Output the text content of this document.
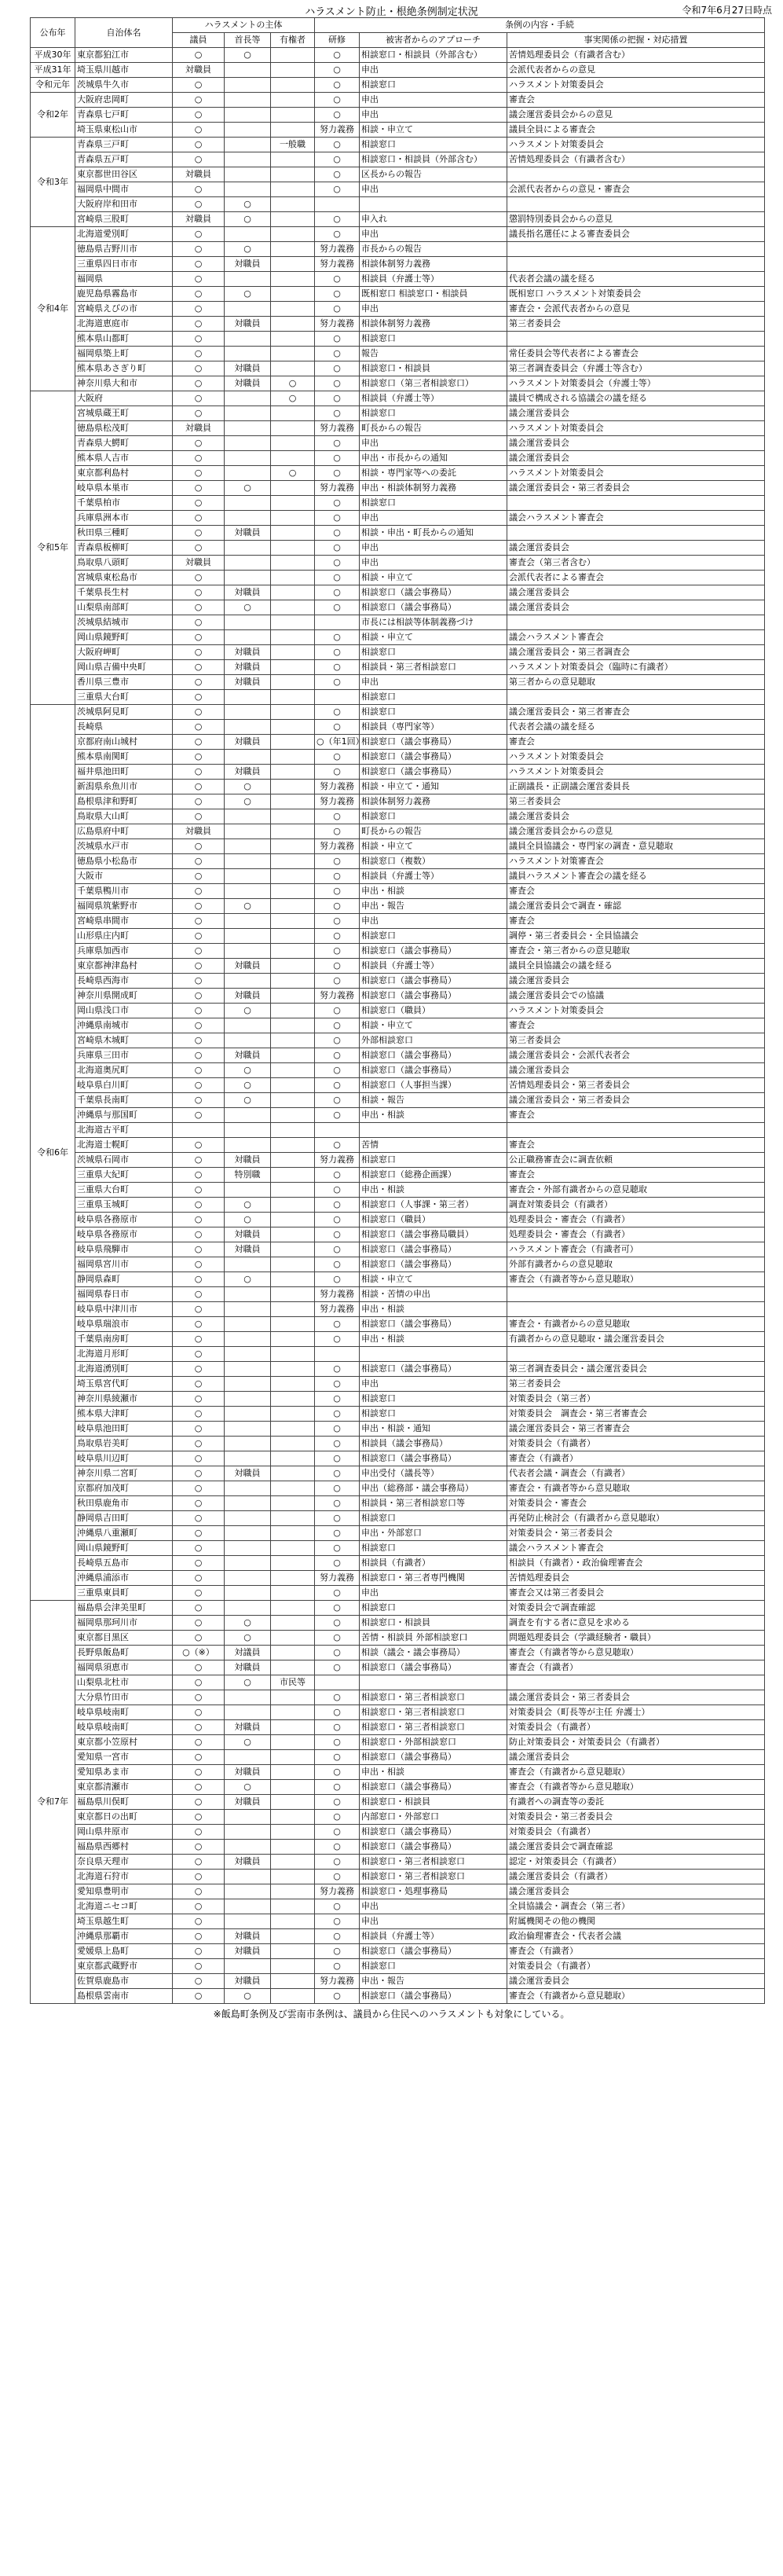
ハラスメント防止・根絶条例制定状況	令和7年6月27日時点
公布年	自治体名	ハラスメントの主体			条例の内容・手続		
		議員	首長等	有権者	研修	被害者からのアプローチ	事実関係の把握・対応措置
平成30年	東京都狛江市	○	○		○	相談窓口・相談員（外部含む）	苦情処理委員会（有識者含む）
平成31年	埼玉県川越市	対職員			○	申出	会派代表者からの意見
令和元年	茨城県牛久市	○			○	相談窓口	ハラスメント対策委員会
令和2年	大阪府忠岡町	○			○	申出	審査会
	青森県七戸町	○			○	申出	議会運営委員会からの意見
	埼玉県東松山市	○			努力義務	相談・申立て	議員全員による審査会
令和3年	青森県三戸町	○		一般職	○	相談窓口	ハラスメント対策委員会
	青森県五戸町	○			○	相談窓口・相談員（外部含む）	苦情処理委員会（有識者含む）
	東京都世田谷区	対職員			○	区長からの報告	
	福岡県中間市	○			○	申出	会派代表者からの意見・審査会
	大阪府岸和田市	○	○				
	宮崎県三股町	対職員	○		○	申入れ	懲罰特別委員会からの意見
令和4年	北海道愛別町	○			○	申出	議長指名選任による審査委員会
	徳島県吉野川市	○	○		努力義務	市長からの報告	
	三重県四日市市	○	対職員		努力義務	相談体制努力義務	
	福岡県	○			○	相談員（弁護士等）	代表者会議の議を経る
	鹿児島県霧島市	○	○		○	既相窓口 相談窓口・相談員	既相窓口 ハラスメント対策委員会
	宮崎県えびの市	○			○	申出	審査会・会派代表者からの意見
	北海道恵庭市	○	対職員		努力義務	相談体制努力義務	第三者委員会
	熊本県山都町	○			○	相談窓口	
	福岡県築上町	○			○	報告	常任委員会等代表者による審査会
	熊本県あさぎり町	○	対職員		○	相談窓口・相談員	第三者調査委員会（弁護士等含む）
	神奈川県大和市	○	対職員	○	○	相談窓口（第三者相談窓口）	ハラスメント対策委員会（弁護士等）
令和5年	大阪府	○		○	○	相談員（弁護士等）	議員で構成される協議会の議を経る
	宮城県蔵王町	○			○	相談窓口	議会運営委員会
	徳島県松茂町	対職員			努力義務	町長からの報告	ハラスメント対策委員会
	青森県大鰐町	○			○	申出	議会運営委員会
	熊本県人吉市	○			○	申出・市長からの通知	議会運営委員会
	東京都利島村	○		○	○	相談・専門家等への委託	ハラスメント対策委員会
	岐阜県本巣市	○	○		努力義務	申出・相談体制努力義務	議会運営委員会・第三者委員会
	千葉県柏市	○			○	相談窓口	
	兵庫県洲本市	○			○	申出	議会ハラスメント審査会
	秋田県三種町	○	対職員		○	相談・申出・町長からの通知	
	青森県板柳町	○			○	申出	議会運営委員会
	鳥取県八頭町	対職員			○	申出	審査会（第三者含む）
	宮城県東松島市	○			○	相談・申立て	会派代表者による審査会
	千葉県長生村	○	対職員		○	相談窓口（議会事務局）	議会運営委員会
	山梨県南部町	○	○		○	相談窓口（議会事務局）	議会運営委員会
	茨城県結城市	○				市長には相談等体制義務づけ	
	岡山県鏡野町	○			○	相談・申立て	議会ハラスメント審査会
	大阪府岬町	○	対職員		○	相談窓口	議会運営委員会・第三者調査会
	岡山県吉備中央町	○	対職員		○	相談員・第三者相談窓口	ハラスメント対策委員会（臨時に有識者）
	香川県三豊市	○	対職員		○	申出	第三者からの意見聴取
	三重県大台町	○				相談窓口	
令和6年	茨城県阿見町	○			○	相談窓口	議会運営委員会・第三者審査会
	長崎県	○			○	相談員（専門家等）	代表者会議の議を経る
	京都府南山城村	○	対職員		○（年1回）	相談窓口（議会事務局）	審査会
	熊本県南関町	○			○	相談窓口（議会事務局）	ハラスメント対策委員会
	福井県池田町	○	対職員		○	相談窓口（議会事務局）	ハラスメント対策委員会
	新潟県糸魚川市	○	○		努力義務	相談・申立て・通知	正副議長・正副議会運営委員長
	島根県津和野町	○	○		努力義務	相談体制努力義務	第三者委員会
	鳥取県大山町	○			○	相談窓口	議会運営委員会
	広島県府中町	対職員			○	町長からの報告	議会運営委員会からの意見
	茨城県水戸市	○			努力義務	相談・申立て	議員全員協議会・専門家の調査・意見聴取
	徳島県小松島市	○			○	相談窓口（複数）	ハラスメント対策審査会
	大阪市	○			○	相談員（弁護士等）	議員ハラスメント審査会の議を経る
	千葉県鴨川市	○			○	申出・相談	審査会
	福岡県筑紫野市	○	○		○	申出・報告	議会運営委員会で調査・確認
	宮崎県串間市	○			○	申出	審査会
	山形県庄内町	○			○	相談窓口	調停・第三者委員会・全員協議会
	兵庫県加西市	○			○	相談窓口（議会事務局）	審査会・第三者からの意見聴取
	東京都神津島村	○	対職員		○	相談員（弁護士等）	議員全員協議会の議を経る
	長崎県西海市	○			○	相談窓口（議会事務局）	議会運営委員会
	神奈川県開成町	○	対職員		努力義務	相談窓口（議会事務局）	議会運営委員会での協議
	岡山県浅口市	○	○		○	相談窓口（職員）	ハラスメント対策委員会
	沖縄県南城市	○			○	相談・申立て	審査会
	宮崎県木城町	○			○	外部相談窓口	第三者委員会
	兵庫県三田市	○	対職員		○	相談窓口（議会事務局）	議会運営委員会・会派代表者会
	北海道奥尻町	○	○		○	相談窓口（議会事務局）	議会運営委員会
	岐阜県白川町	○	○		○	相談窓口（人事担当課）	苦情処理委員会・第三者委員会
	千葉県長南町	○	○		○	相談・報告	議会運営委員会・第三者委員会
	沖縄県与那国町	○			○	申出・相談	審査会
	北海道古平町						
	北海道士幌町	○			○	苦情	審査会
	茨城県石岡市	○	対職員		努力義務	相談窓口	公正職務審査会に調査依頼
	三重県大紀町	○	特別職		○	相談窓口（総務企画課）	審査会
	三重県大台町	○			○	申出・相談	審査会・外部有識者からの意見聴取
	三重県玉城町	○	○		○	相談窓口（人事課・第三者）	調査対策委員会（有識者）
	岐阜県各務原市	○	○		○	相談窓口（職員）	処理委員会・審査会（有識者）
	岐阜県各務原市	○	対職員		○	相談窓口（議会事務局職員）	処理委員会・審査会（有識者）
	岐阜県飛騨市	○	対職員		○	相談窓口（議会事務局）	ハラスメント審査会（有識者可）
	福岡県宮川市	○			○	相談窓口（議会事務局）	外部有識者からの意見聴取
	静岡県森町	○	○		○	相談・申立て	審査会（有識者等から意見聴取）
	福岡県春日市	○			努力義務	相談・苦情の申出	
	岐阜県中津川市	○			努力義務	申出・相談	
	岐阜県瑞浪市	○			○	相談窓口（議会事務局）	審査会・有識者からの意見聴取
	千葉県南房町	○			○	申出・相談	有識者からの意見聴取・議会運営委員会
	北海道月形町	○					
	北海道湧別町	○			○	相談窓口（議会事務局）	第三者調査委員会・議会運営委員会
	埼玉県宮代町	○			○	申出	第三者委員会
	神奈川県綾瀬市	○			○	相談窓口	対策委員会（第三者）
	熊本県大津町	○			○	相談窓口	対策委員会　調査会・第三者審査会
	岐阜県池田町	○			○	申出・相談・通知	議会運営委員会・第三者審査会
	鳥取県岩美町	○			○	相談員（議会事務局）	対策委員会（有識者）
	岐阜県川辺町	○			○	相談窓口（議会事務局）	審査会（有識者）
	神奈川県二宮町	○	対職員		○	申出受付（議長等）	代表者会議・調査会（有識者）
	京都府加茂町	○			○	申出（総務部・議会事務局）	審査会・有識者等から意見聴取
	秋田県鹿角市	○			○	相談員・第三者相談窓口等	対策委員会・審査会
	静岡県吉田町	○			○	相談窓口	再発防止検討会（有識者から意見聴取）
	沖縄県八重瀬町	○			○	申出・外部窓口	対策委員会・第三者委員会
	岡山県鏡野町	○			○	相談窓口	議会ハラスメント審査会
	長崎県五島市	○			○	相談員（有識者）	相談員（有識者）・政治倫理審査会
	沖縄県浦添市	○			努力義務	相談窓口・第三者専門機関	苦情処理委員会
	三重県東員町	○			○	申出	審査会又は第三者委員会
令和7年	福島県会津美里町	○			○	相談窓口	対策委員会で調査確認
	福岡県那珂川市	○	○		○	相談窓口・相談員	調査を有する者に意見を求める
	東京都目黒区	○	○		○	苦情・相談員 外部相談窓口	問題処理委員会（学識経験者・職員）
	長野県飯島町	○（※）	対議員		○	相談（議会・議会事務局）	審査会（有識者等から意見聴取）
	福岡県須恵市	○	対職員		○	相談窓口（議会事務局）	審査会（有識者）
	山梨県北杜市	○	○	市民等			
	大分県竹田市	○			○	相談窓口・第三者相談窓口	議会運営委員会・第三者委員会
	岐阜県岐南町	○			○	相談窓口・第三者相談窓口	対策委員会（町長等が主任 弁護士）
	岐阜県岐南町	○	対職員		○	相談窓口・第三者相談窓口	対策委員会（有識者）
	東京都小笠原村	○	○		○	相談窓口・外部相談窓口	防止対策委員会・対策委員会（有識者）
	愛知県一宮市	○			○	相談窓口（議会事務局）	議会運営委員会
	愛知県あま市	○	対職員		○	申出・相談	審査会（有識者から意見聴取）
	東京都清瀬市	○	○		○	相談窓口（議会事務局）	審査会（有識者等から意見聴取）
	福島県川俣町	○	対職員		○	相談窓口・相談員	有識者への調査等の委託
	東京都日の出町	○			○	内部窓口・外部窓口	対策委員会・第三者委員会
	岡山県井原市	○			○	相談窓口（議会事務局）	対策委員会（有識者）
	福島県西郷村	○			○	相談窓口（議会事務局）	議会運営委員会で調査確認
	奈良県天理市	○	対職員		○	相談窓口・第三者相談窓口	認定・対策委員会（有識者）
	北海道石狩市	○			○	相談窓口・第三者相談窓口	議会運営委員会（有識者）
	愛知県豊明市	○			努力義務	相談窓口・処理事務局	議会運営委員会
	北海道ニセコ町	○			○	申出	全員協議会・調査会（第三者）
	埼玉県越生町	○			○	申出	附属機関その他の機関
	沖縄県那覇市	○	対職員		○	相談員（弁護士等）	政治倫理審査会・代表者会議
	愛媛県上島町	○	対職員		○	相談窓口（議会事務局）	審査会（有識者）
	東京都武蔵野市	○			○	相談窓口	対策委員会（有識者）
	佐賀県鹿島市	○	対職員		努力義務	申出・報告	議会運営委員会
	島根県雲南市	○	○		○	相談窓口（議会事務局）	審査会（有識者から意見聴取）
※飯島町条例及び雲南市条例は、議員から住民へのハラスメントも対象にしている。
